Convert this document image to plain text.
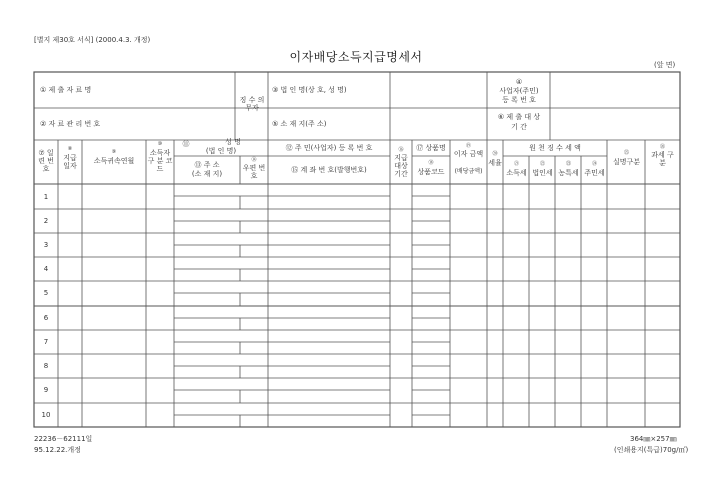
[별지 제30호 서식] (2000.4.3. 개정)
이자배당소득지급명세서
(앞 면)
① 제 출 자 료 명
② 자 료 관 리 번 호
징 수 의무자
③ 법 인 명(상 호, 성 명)
⑤ 소 재 지(주 소)
④
사업자(주민)
등 록 번 호
⑥ 제 출 대 상
기 간
⑦ 일련 번호
⑧
지급 일자
⑨
소득귀속연월
⑩
소득자 구 분 코 드
⑪	성 명
(법 인 명)
⑬ 주 소
(소 재 지)
⑭
우편 번호
⑫ 주 민(사업자) 등 록 번 호
⑮ 계 좌 번 호(발행번호)
⑯
지급 대상 기간
⑰ 상품명
⑱
상품코드
⑲
이자 금액
(배당금액)
⑳
세율
원 천 징 수 세 액
㉑
소득세
㉒
법인세
㉓
농특세
㉔
주민세
㉕
실명구분
㉖
과세 구분
1
2
3
4
5
6
7
8
9
10
22236－62111일
95.12.22.개정
364㎜×257㎜
(인쇄용지(특급)70g/㎡)
